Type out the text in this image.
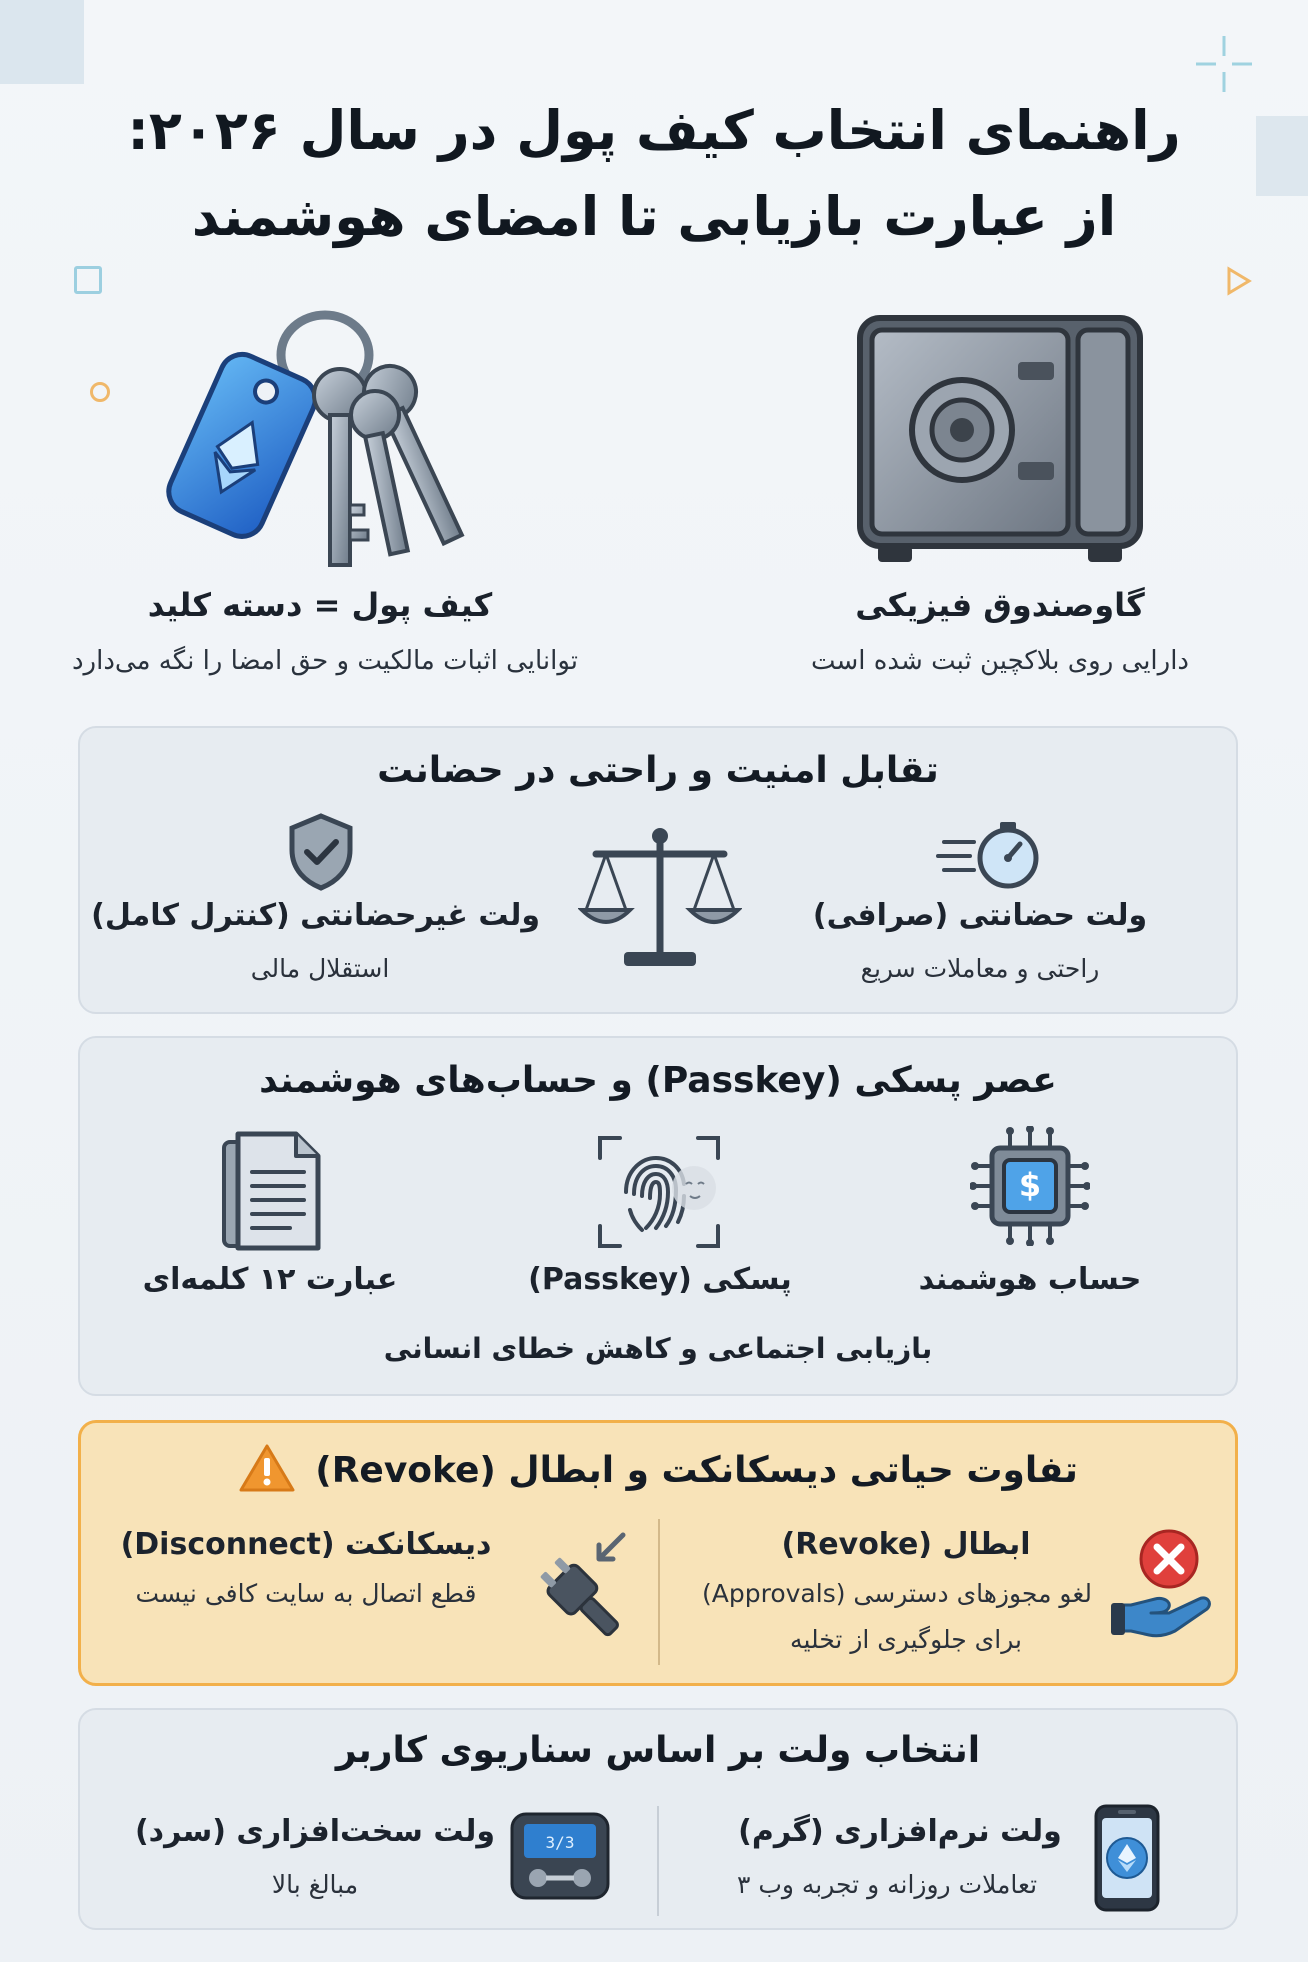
راهنمای انتخاب کیف پول در سال ۲۰۲۶:
از عبارت بازیابی تا امضای هوشمند
کیف پول = دسته کلید
توانایی اثبات مالکیت و حق امضا را نگه می‌دارد
گاوصندوق فیزیکی
دارایی روی بلاکچین ثبت شده است
تقابل امنیت و راحتی در حضانت
ولت حضانتی (صرافی)
راحتی و معاملات سریع
ولت غیرحضانتی (کنترل کامل)
استقلال مالی
عصر پسکی (Passkey) و حساب‌های هوشمند
$
حساب هوشمند
پسکی (Passkey)
عبارت ۱۲ کلمه‌ای
بازیابی اجتماعی و کاهش خطای انسانی
تفاوت حیاتی دیسکانکت و ابطال (Revoke)
ابطال (Revoke)
لغو مجوزهای دسترسی (Approvals)
برای جلوگیری از تخلیه
دیسکانکت (Disconnect)
قطع اتصال به سایت کافی نیست
انتخاب ولت بر اساس سناریوی کاربر
ولت نرم‌افزاری (گرم)
تعاملات روزانه و تجربه وب ۳
3/3
ولت سخت‌افزاری (سرد)
مبالغ بالا
